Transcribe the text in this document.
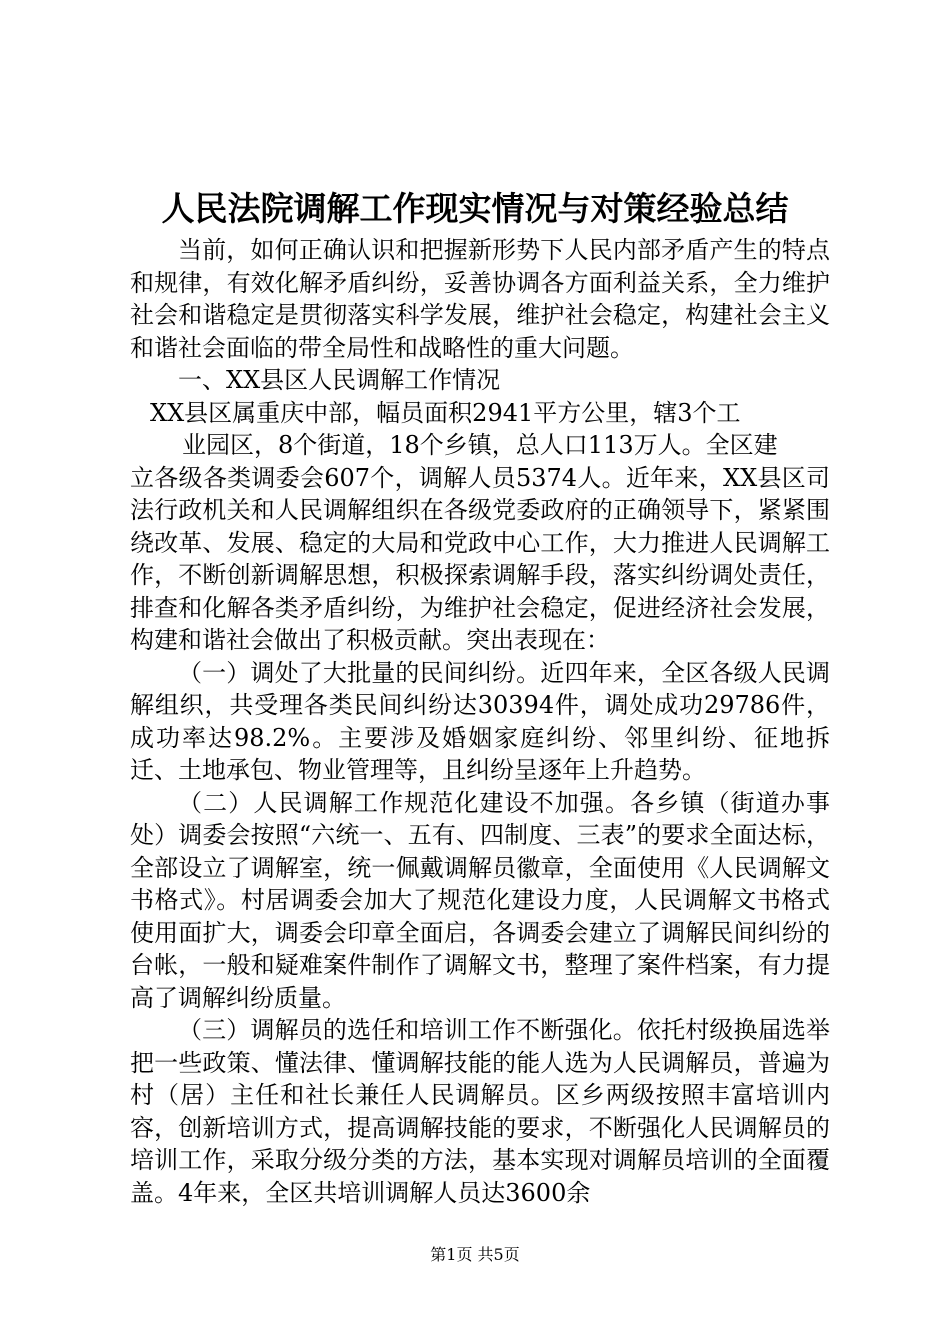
人民法院调解工作现实情况与对策经验总结

当前，如何正确认识和把握新形势下人民内部矛盾产生的特点和规律，有效化解矛盾纠纷，妥善协调各方面利益关系，全力维护社会和谐稳定是贯彻落实科学发展，维护社会稳定，构建社会主义和谐社会面临的带全局性和战略性的重大问题。

一、XX县区人民调解工作情况

XX县区属重庆中部，幅员面积2941平方公里，辖3个工

业园区，8个街道，18个乡镇，总人口113万人。全区建

立各级各类调委会607个，调解人员5374人。近年来，XX县区司法行政机关和人民调解组织在各级党委政府的正确领导下，紧紧围绕改革、发展、稳定的大局和党政中心工作，大力推进人民调解工作，不断创新调解思想，积极探索调解手段，落实纠纷调处责任，排查和化解各类矛盾纠纷，为维护社会稳定，促进经济社会发展，构建和谐社会做出了积极贡献。突出表现在：

（一）调处了大批量的民间纠纷。近四年来，全区各级人民调解组织，共受理各类民间纠纷达30394件，调处成功29786件，成功率达98.2%。主要涉及婚姻家庭纠纷、邻里纠纷、征地拆迁、土地承包、物业管理等，且纠纷呈逐年上升趋势。

（二）人民调解工作规范化建设不加强。各乡镇（街道办事处）调委会按照“六统一、五有、四制度、三表”的要求全面达标，全部设立了调解室，统一佩戴调解员徽章，全面使用《人民调解文书格式》。村居调委会加大了规范化建设力度，人民调解文书格式使用面扩大，调委会印章全面启，各调委会建立了调解民间纠纷的台帐，一般和疑难案件制作了调解文书，整理了案件档案，有力提高了调解纠纷质量。

（三）调解员的选任和培训工作不断强化。依托村级换届选举把一些政策、懂法律、懂调解技能的能人选为人民调解员，普遍为村（居）主任和社长兼任人民调解员。区乡两级按照丰富培训内容，创新培训方式，提高调解技能的要求，不断强化人民调解员的培训工作，采取分级分类的方法，基本实现对调解员培训的全面覆盖。4年来，全区共培训调解人员达3600余

第1页 共5页
